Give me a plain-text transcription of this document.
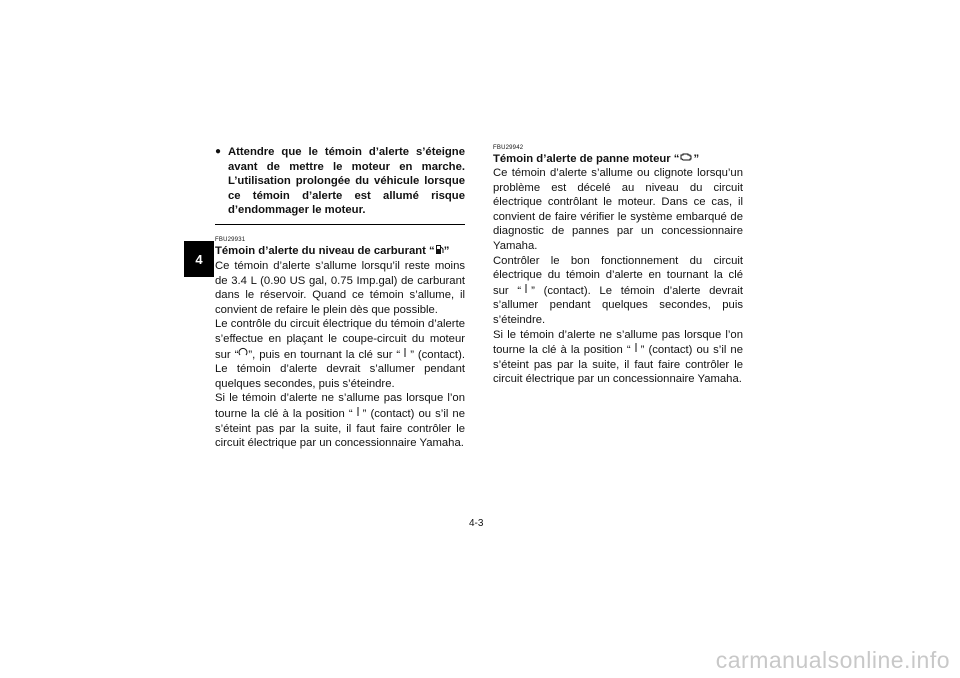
4
● Attendre que le témoin d’alerte s’éteigne avant de mettre le moteur en marche. L’utilisation prolongée du véhicule lorsque ce témoin d’alerte est allumé risque d’endommager le moteur.
FBU29931
Témoin d’alerte du niveau de carburant “ ”

Ce témoin d’alerte s’allume lorsqu’il reste moins de 3.4 L (0.90 US gal, 0.75 Imp.gal) de carburant dans le réservoir. Quand ce témoin s’allume, il convient de refaire le plein dès que possible.

Le contrôle du circuit électrique du témoin d’alerte s’effectue en plaçant le coupe-circuit du moteur sur “ ”, puis en tournant la clé sur “ ” (contact). Le témoin d’alerte devrait s’allumer pendant quelques secondes, puis s’éteindre.

Si le témoin d’alerte ne s’allume pas lorsque l’on tourne la clé à la position “ ” (contact) ou s’il ne s’éteint pas par la suite, il faut faire contrôler le circuit électrique par un concessionnaire Yamaha.

FBU29942
Témoin d’alerte de panne moteur “ ”

Ce témoin d’alerte s’allume ou clignote lorsqu’un problème est décelé au niveau du circuit électrique contrôlant le moteur. Dans ce cas, il convient de faire vérifier le système embarqué de diagnostic de pannes par un concessionnaire Yamaha.

Contrôler le bon fonctionnement du circuit électrique du témoin d’alerte en tournant la clé sur “ ” (contact). Le témoin d’alerte devrait s’allumer pendant quelques secondes, puis s’éteindre.

Si le témoin d’alerte ne s’allume pas lorsque l’on tourne la clé à la position “ ” (contact) ou s’il ne s’éteint pas par la suite, il faut faire contrôler le circuit électrique par un concessionnaire Yamaha.

4-3
carmanualsonline.info
